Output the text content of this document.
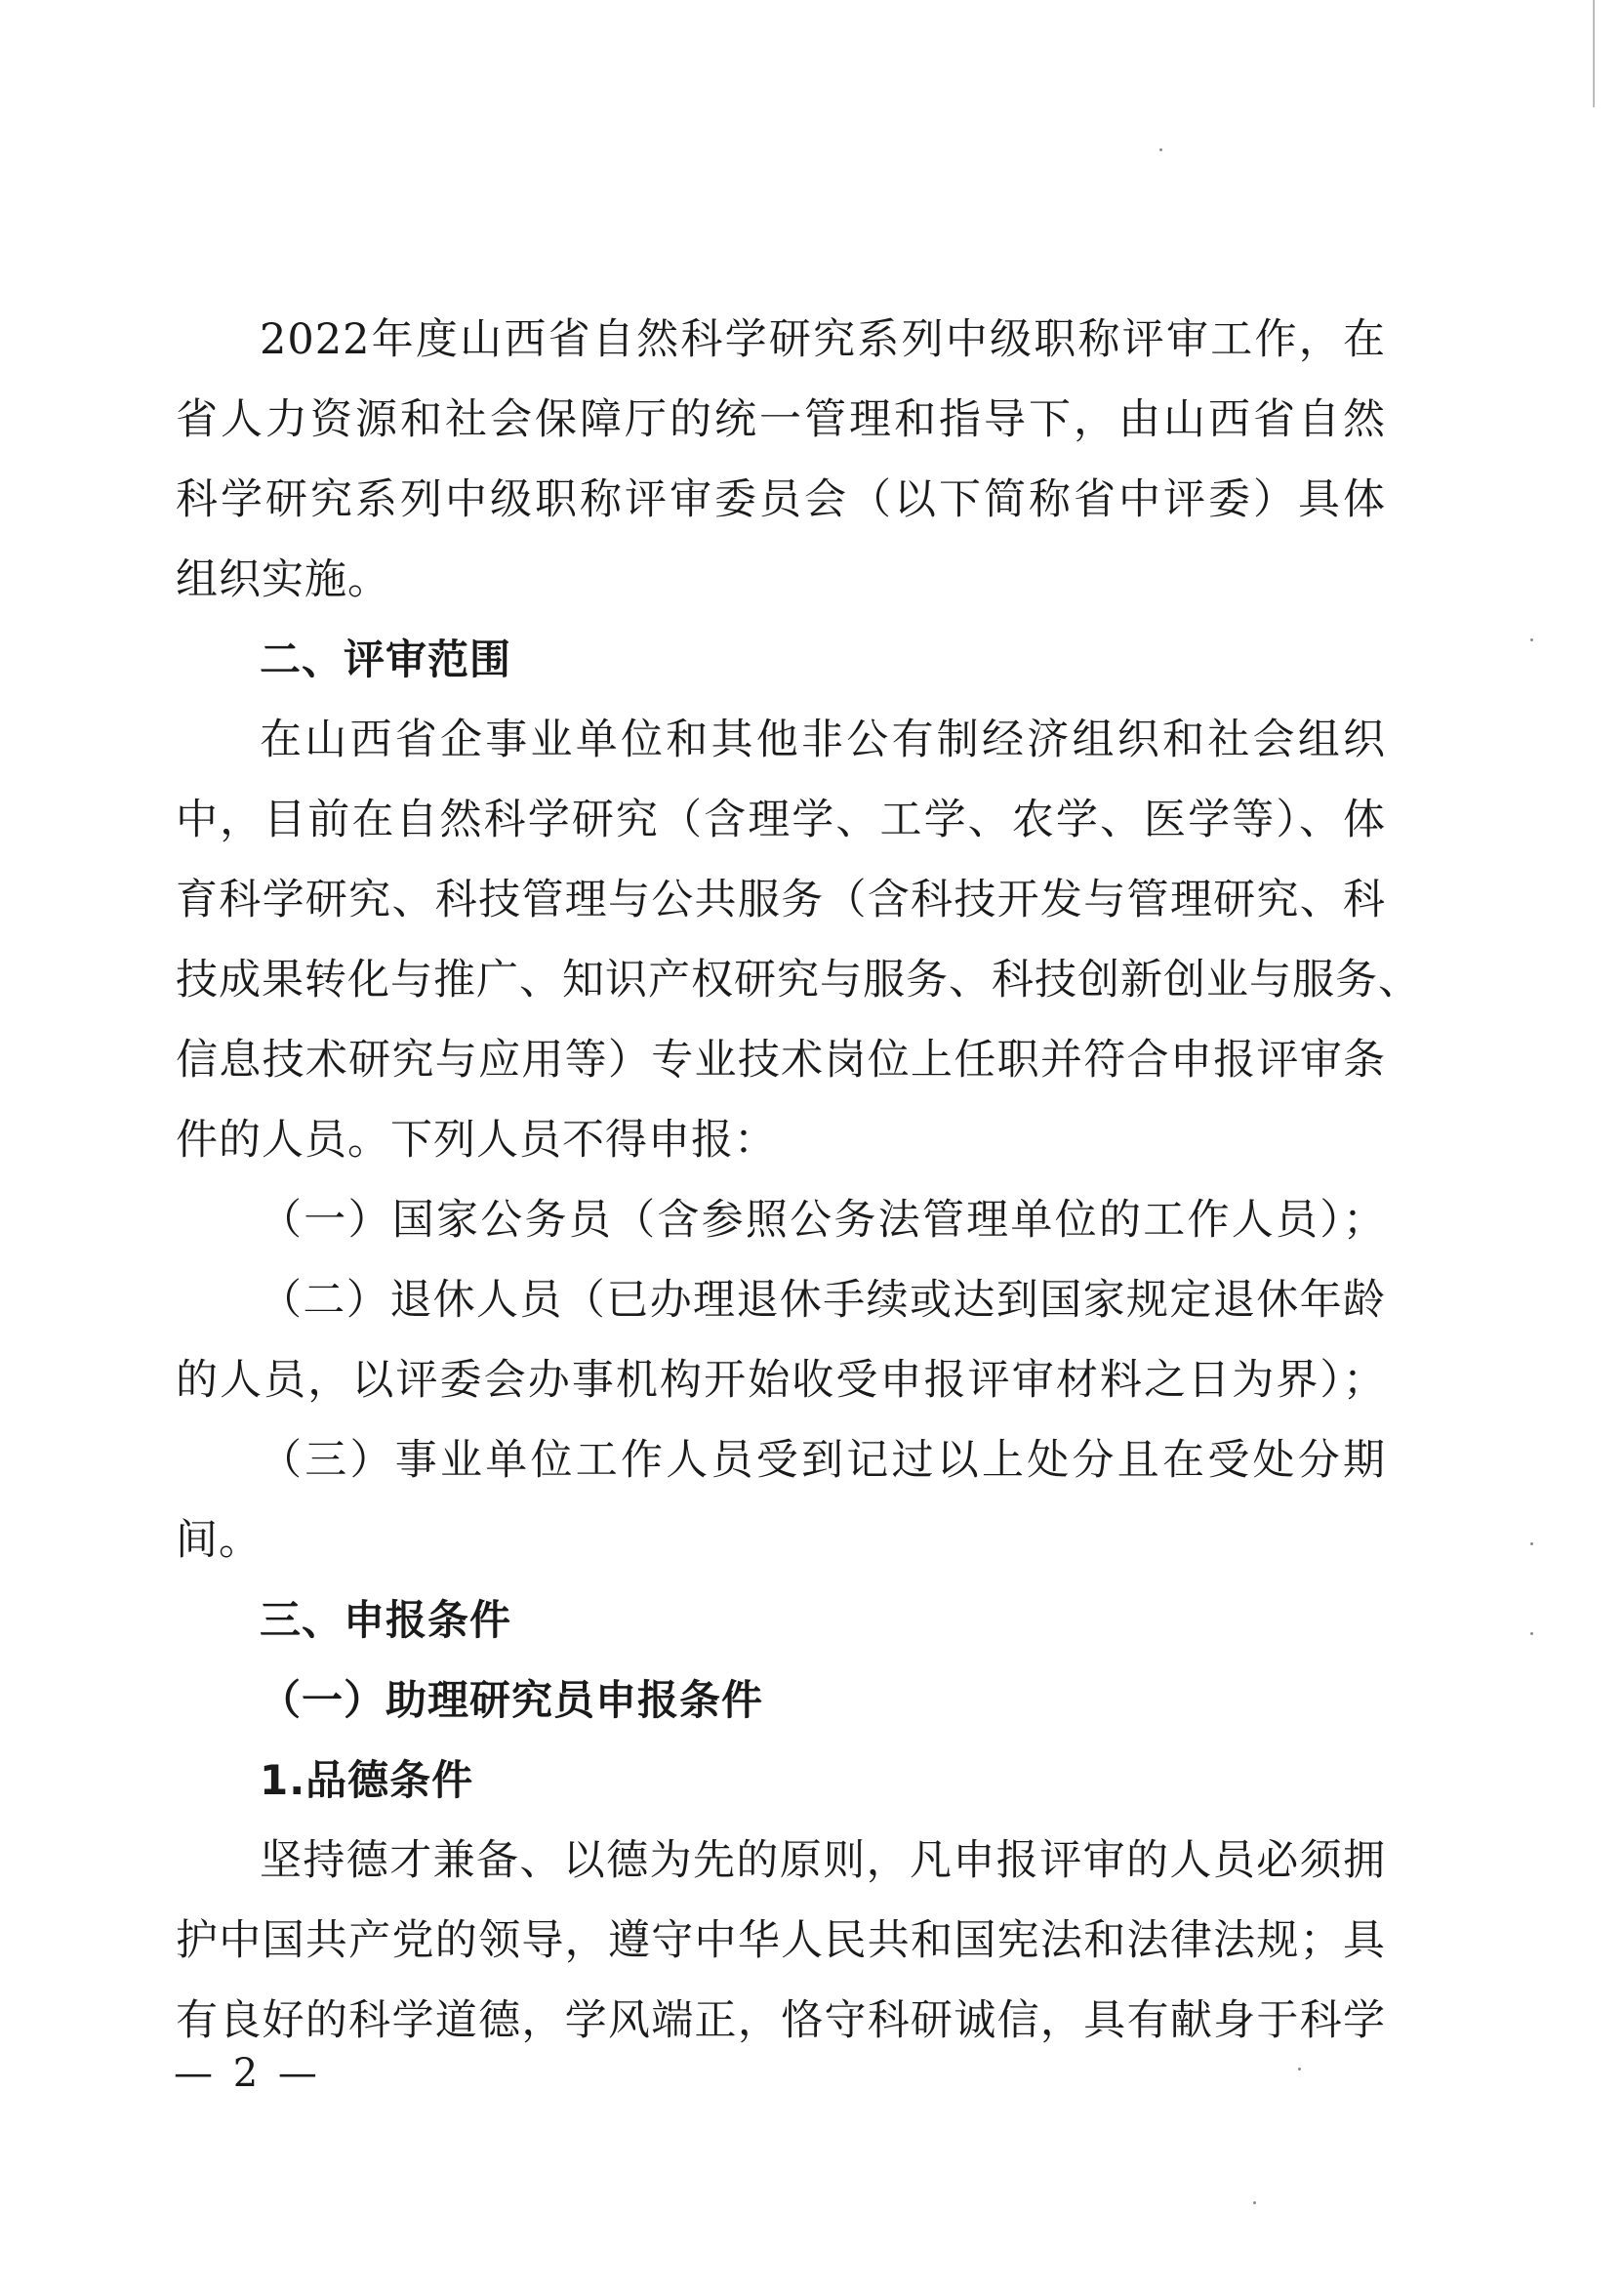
2022年度山西省自然科学研究系列中级职称评审工作，在
省人力资源和社会保障厅的统一管理和指导下，由山西省自然
科学研究系列中级职称评审委员会（以下简称省中评委）具体
组织实施。
二、评审范围
在山西省企事业单位和其他非公有制经济组织和社会组织
中，目前在自然科学研究（含理学、工学、农学、医学等）、体
育科学研究、科技管理与公共服务（含科技开发与管理研究、科
技成果转化与推广、知识产权研究与服务、科技创新创业与服务、
信息技术研究与应用等）专业技术岗位上任职并符合申报评审条
件的人员。下列人员不得申报：
（一）国家公务员（含参照公务法管理单位的工作人员）；
（二）退休人员（已办理退休手续或达到国家规定退休年龄
的人员，以评委会办事机构开始收受申报评审材料之日为界）；
（三）事业单位工作人员受到记过以上处分且在受处分期
间。
三、申报条件
（一）助理研究员申报条件
1.品德条件
坚持德才兼备、以德为先的原则，凡申报评审的人员必须拥
护中国共产党的领导，遵守中华人民共和国宪法和法律法规；具
有良好的科学道德，学风端正，恪守科研诚信，具有献身于科学
— 2 —
